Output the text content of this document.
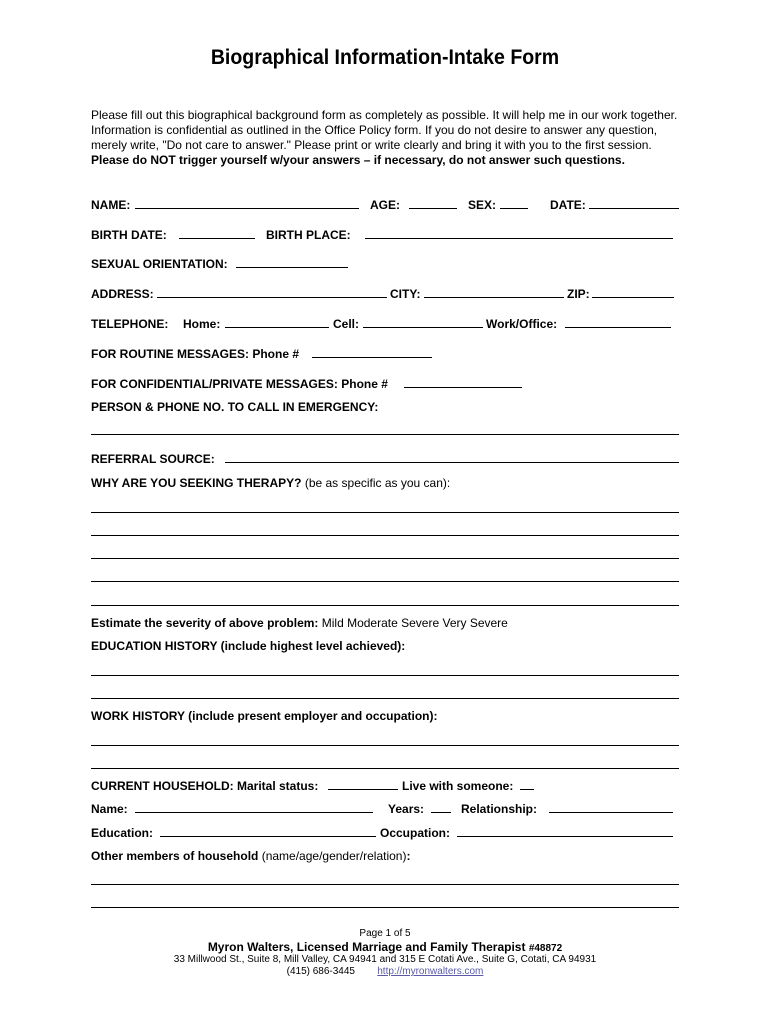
Biographical Information-Intake Form

Please fill out this biographical background form as completely as possible. It will help me in our work together. Information is confidential as outlined in the Office Policy form. If you do not desire to answer any question, merely write, "Do not care to answer." Please print or write clearly and bring it with you to the first session. Please do NOT trigger yourself w/your answers – if necessary, do not answer such questions.

NAME:	AGE:	SEX:	DATE:
BIRTH DATE:	BIRTH PLACE:
SEXUAL ORIENTATION:
ADDRESS:	CITY:	ZIP:
TELEPHONE: Home:	Cell:	Work/Office:
FOR ROUTINE MESSAGES: Phone #
FOR CONFIDENTIAL/PRIVATE MESSAGES: Phone #
PERSON & PHONE NO. TO CALL IN EMERGENCY:
REFERRAL SOURCE:
WHY ARE YOU SEEKING THERAPY? (be as specific as you can):
Estimate the severity of above problem: Mild Moderate Severe Very Severe
EDUCATION HISTORY (include highest level achieved):
WORK HISTORY (include present employer and occupation):
CURRENT HOUSEHOLD: Marital status:	Live with someone:
Name:	Years:	Relationship:
Education:	Occupation:
Other members of household (name/age/gender/relation):
Page 1 of 5
Myron Walters, Licensed Marriage and Family Therapist #48872
33 Millwood St., Suite 8, Mill Valley, CA 94941 and 315 E Cotati Ave., Suite G, Cotati, CA 94931
(415) 686-3445 http://myronwalters.com
